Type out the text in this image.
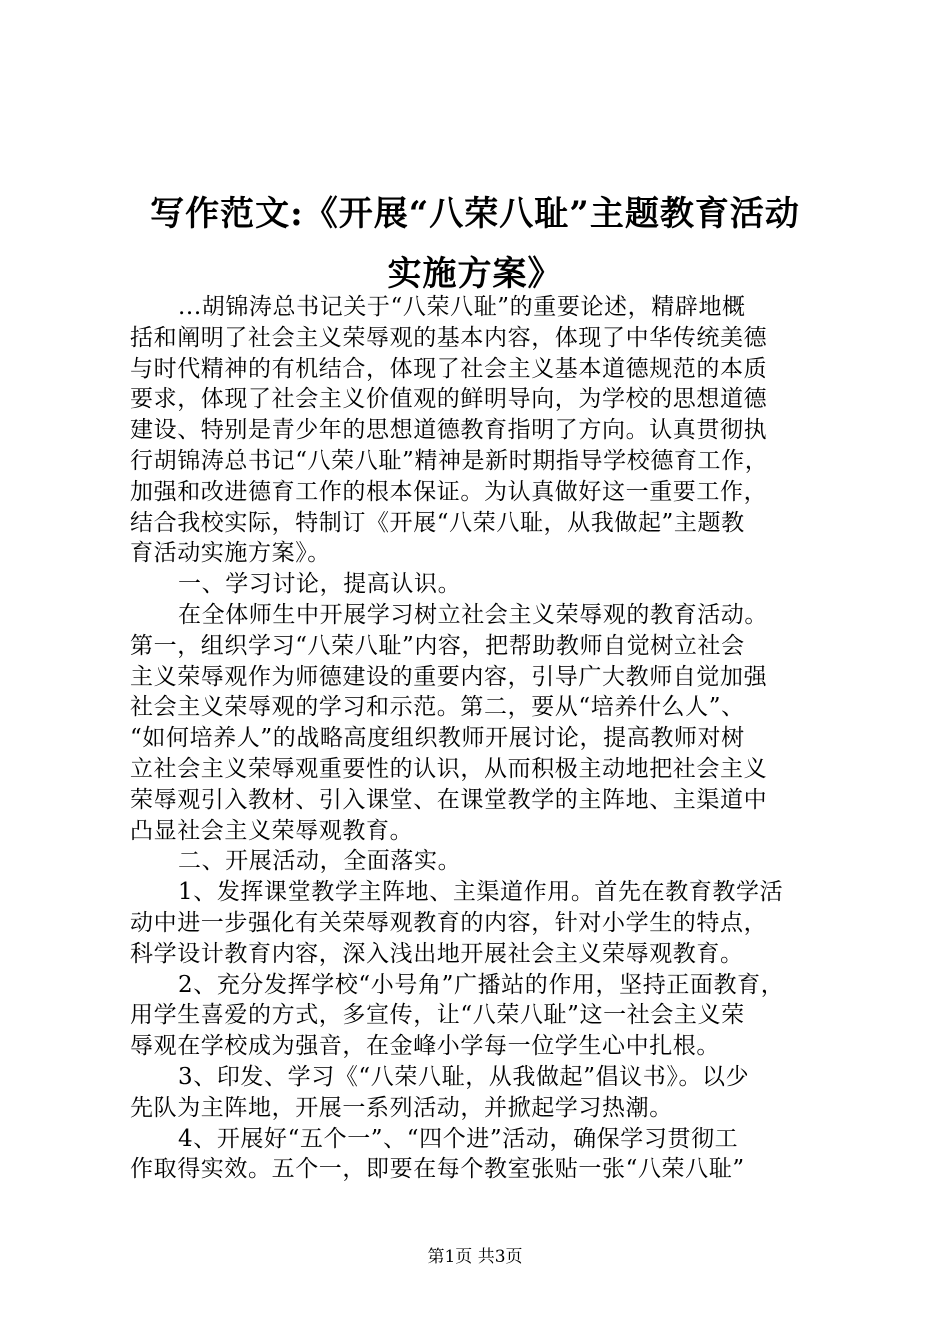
写作范文:《开展“八荣八耻”主题教育活动
实施方案》
...胡锦涛总书记关于“八荣八耻”的重要论述，精辟地概
括和阐明了社会主义荣辱观的基本内容，体现了中华传统美德
与时代精神的有机结合，体现了社会主义基本道德规范的本质
要求，体现了社会主义价值观的鲜明导向，为学校的思想道德
建设、特别是青少年的思想道德教育指明了方向。认真贯彻执
行胡锦涛总书记“八荣八耻”精神是新时期指导学校德育工作，
加强和改进德育工作的根本保证。为认真做好这一重要工作，
结合我校实际，特制订《开展“八荣八耻，从我做起”主题教
育活动实施方案》。
一、学习讨论，提高认识。
在全体师生中开展学习树立社会主义荣辱观的教育活动。
第一，组织学习“八荣八耻”内容，把帮助教师自觉树立社会
主义荣辱观作为师德建设的重要内容，引导广大教师自觉加强
社会主义荣辱观的学习和示范。第二，要从“培养什么人”、
“如何培养人”的战略高度组织教师开展讨论，提高教师对树
立社会主义荣辱观重要性的认识，从而积极主动地把社会主义
荣辱观引入教材、引入课堂、在课堂教学的主阵地、主渠道中
凸显社会主义荣辱观教育。
二、开展活动，全面落实。
1、发挥课堂教学主阵地、主渠道作用。首先在教育教学活
动中进一步强化有关荣辱观教育的内容，针对小学生的特点，
科学设计教育内容，深入浅出地开展社会主义荣辱观教育。
2、充分发挥学校“小号角”广播站的作用，坚持正面教育，
用学生喜爱的方式，多宣传，让“八荣八耻”这一社会主义荣
辱观在学校成为强音，在金峰小学每一位学生心中扎根。
3、印发、学习《“八荣八耻，从我做起”倡议书》。以少
先队为主阵地，开展一系列活动，并掀起学习热潮。
4、开展好“五个一”、“四个进”活动，确保学习贯彻工
作取得实效。五个一，即要在每个教室张贴一张“八荣八耻”
第1页 共3页
